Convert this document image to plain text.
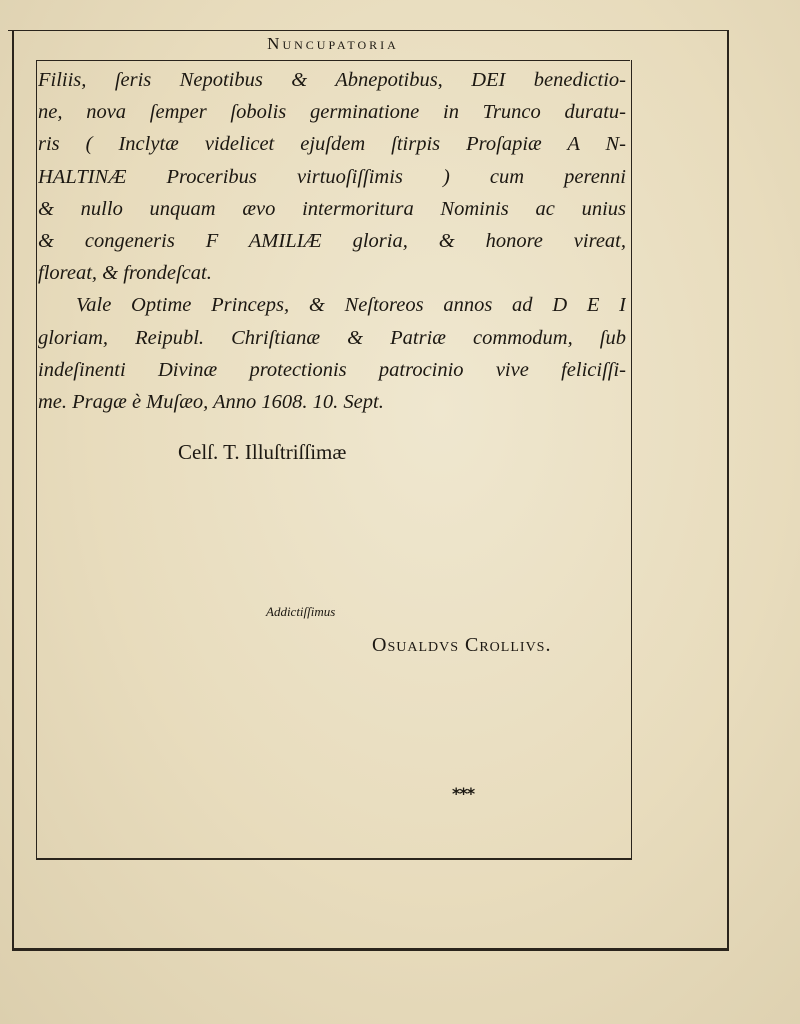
Nuncupatoria
Filiis, ſeris Nepotibus & Abnepotibus, DEI benedictio-
ne, nova ſemper ſobolis germinatione in Trunco duratu-
ris ( Inclytæ videlicet ejuſdem ſtirpis Proſapiæ A N-
HALTINÆ Proceribus virtuoſiſſimis ) cum perenni
& nullo unquam ævo intermoritura Nominis ac unius
& congeneris F AMILIÆ gloria, & honore vireat,
floreat, & frondeſcat.
Vale Optime Princeps, & Neſtoreos annos ad D E I
gloriam, Reipubl. Chriſtianæ & Patriæ commodum, ſub
indeſinenti Divinæ protectionis patrocinio vive feliciſſi-
me. Pragæ è Muſæo, Anno 1608. 10. Sept.
Celſ. T. Illuſtriſſimæ
Addictiſſimus
Osualdvs Crollivs.
***
